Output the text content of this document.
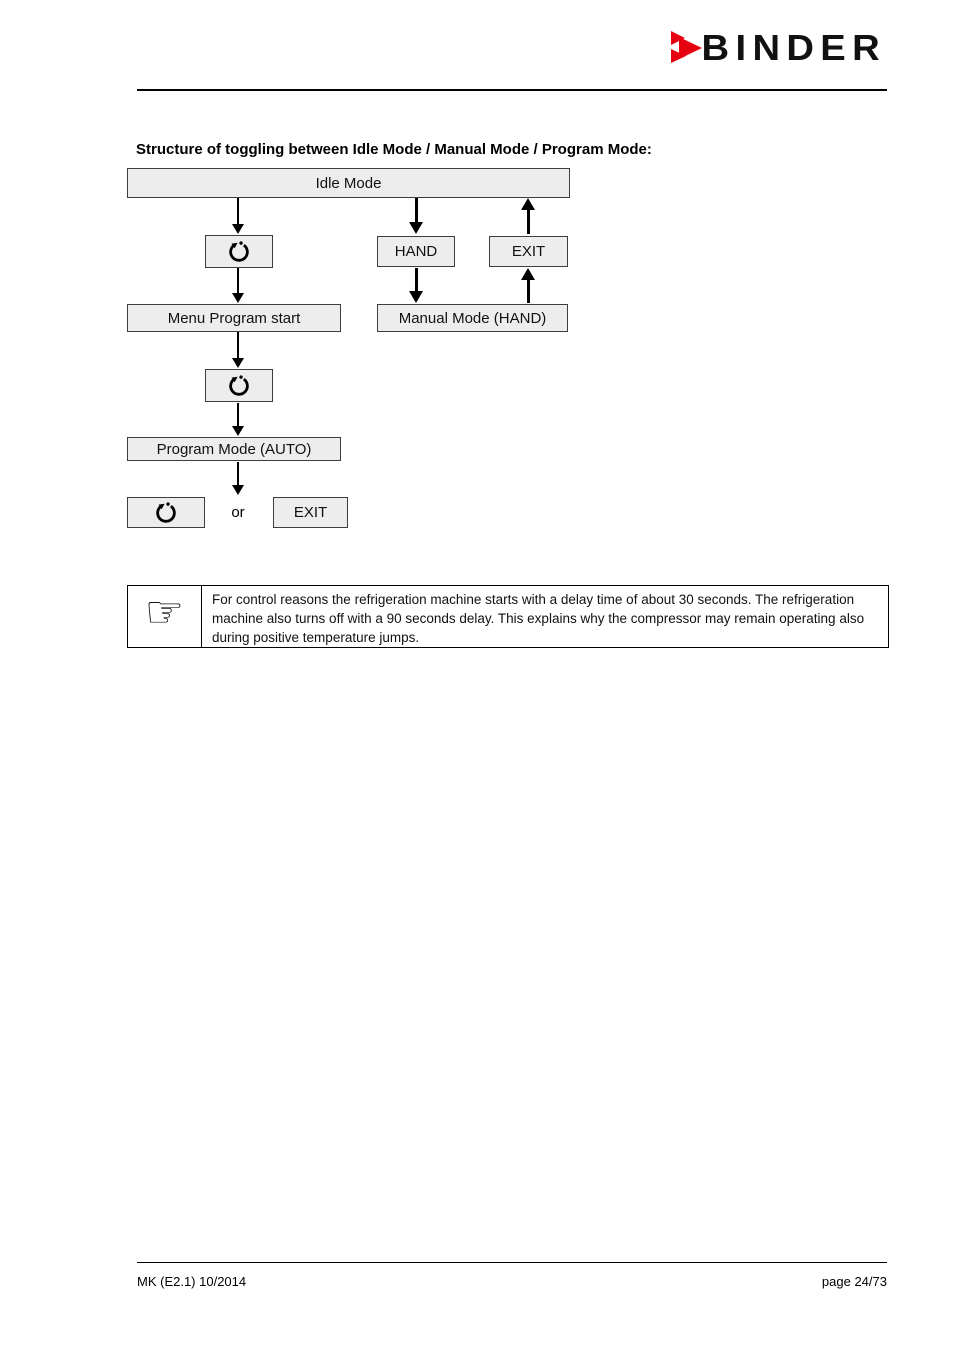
BINDER
Structure of toggling between Idle Mode / Manual Mode / Program Mode:
Idle Mode
HAND	EXIT
Menu Program start	Manual Mode (HAND)
Program Mode (AUTO)
or	EXIT
☞	For control reasons the refrigeration machine starts with a delay time of about 30 seconds. The refrigeration machine also turns off with a 90 seconds delay. This explains why the compressor may remain operating also during positive temperature jumps.
MK (E2.1) 10/2014	page 24/73
